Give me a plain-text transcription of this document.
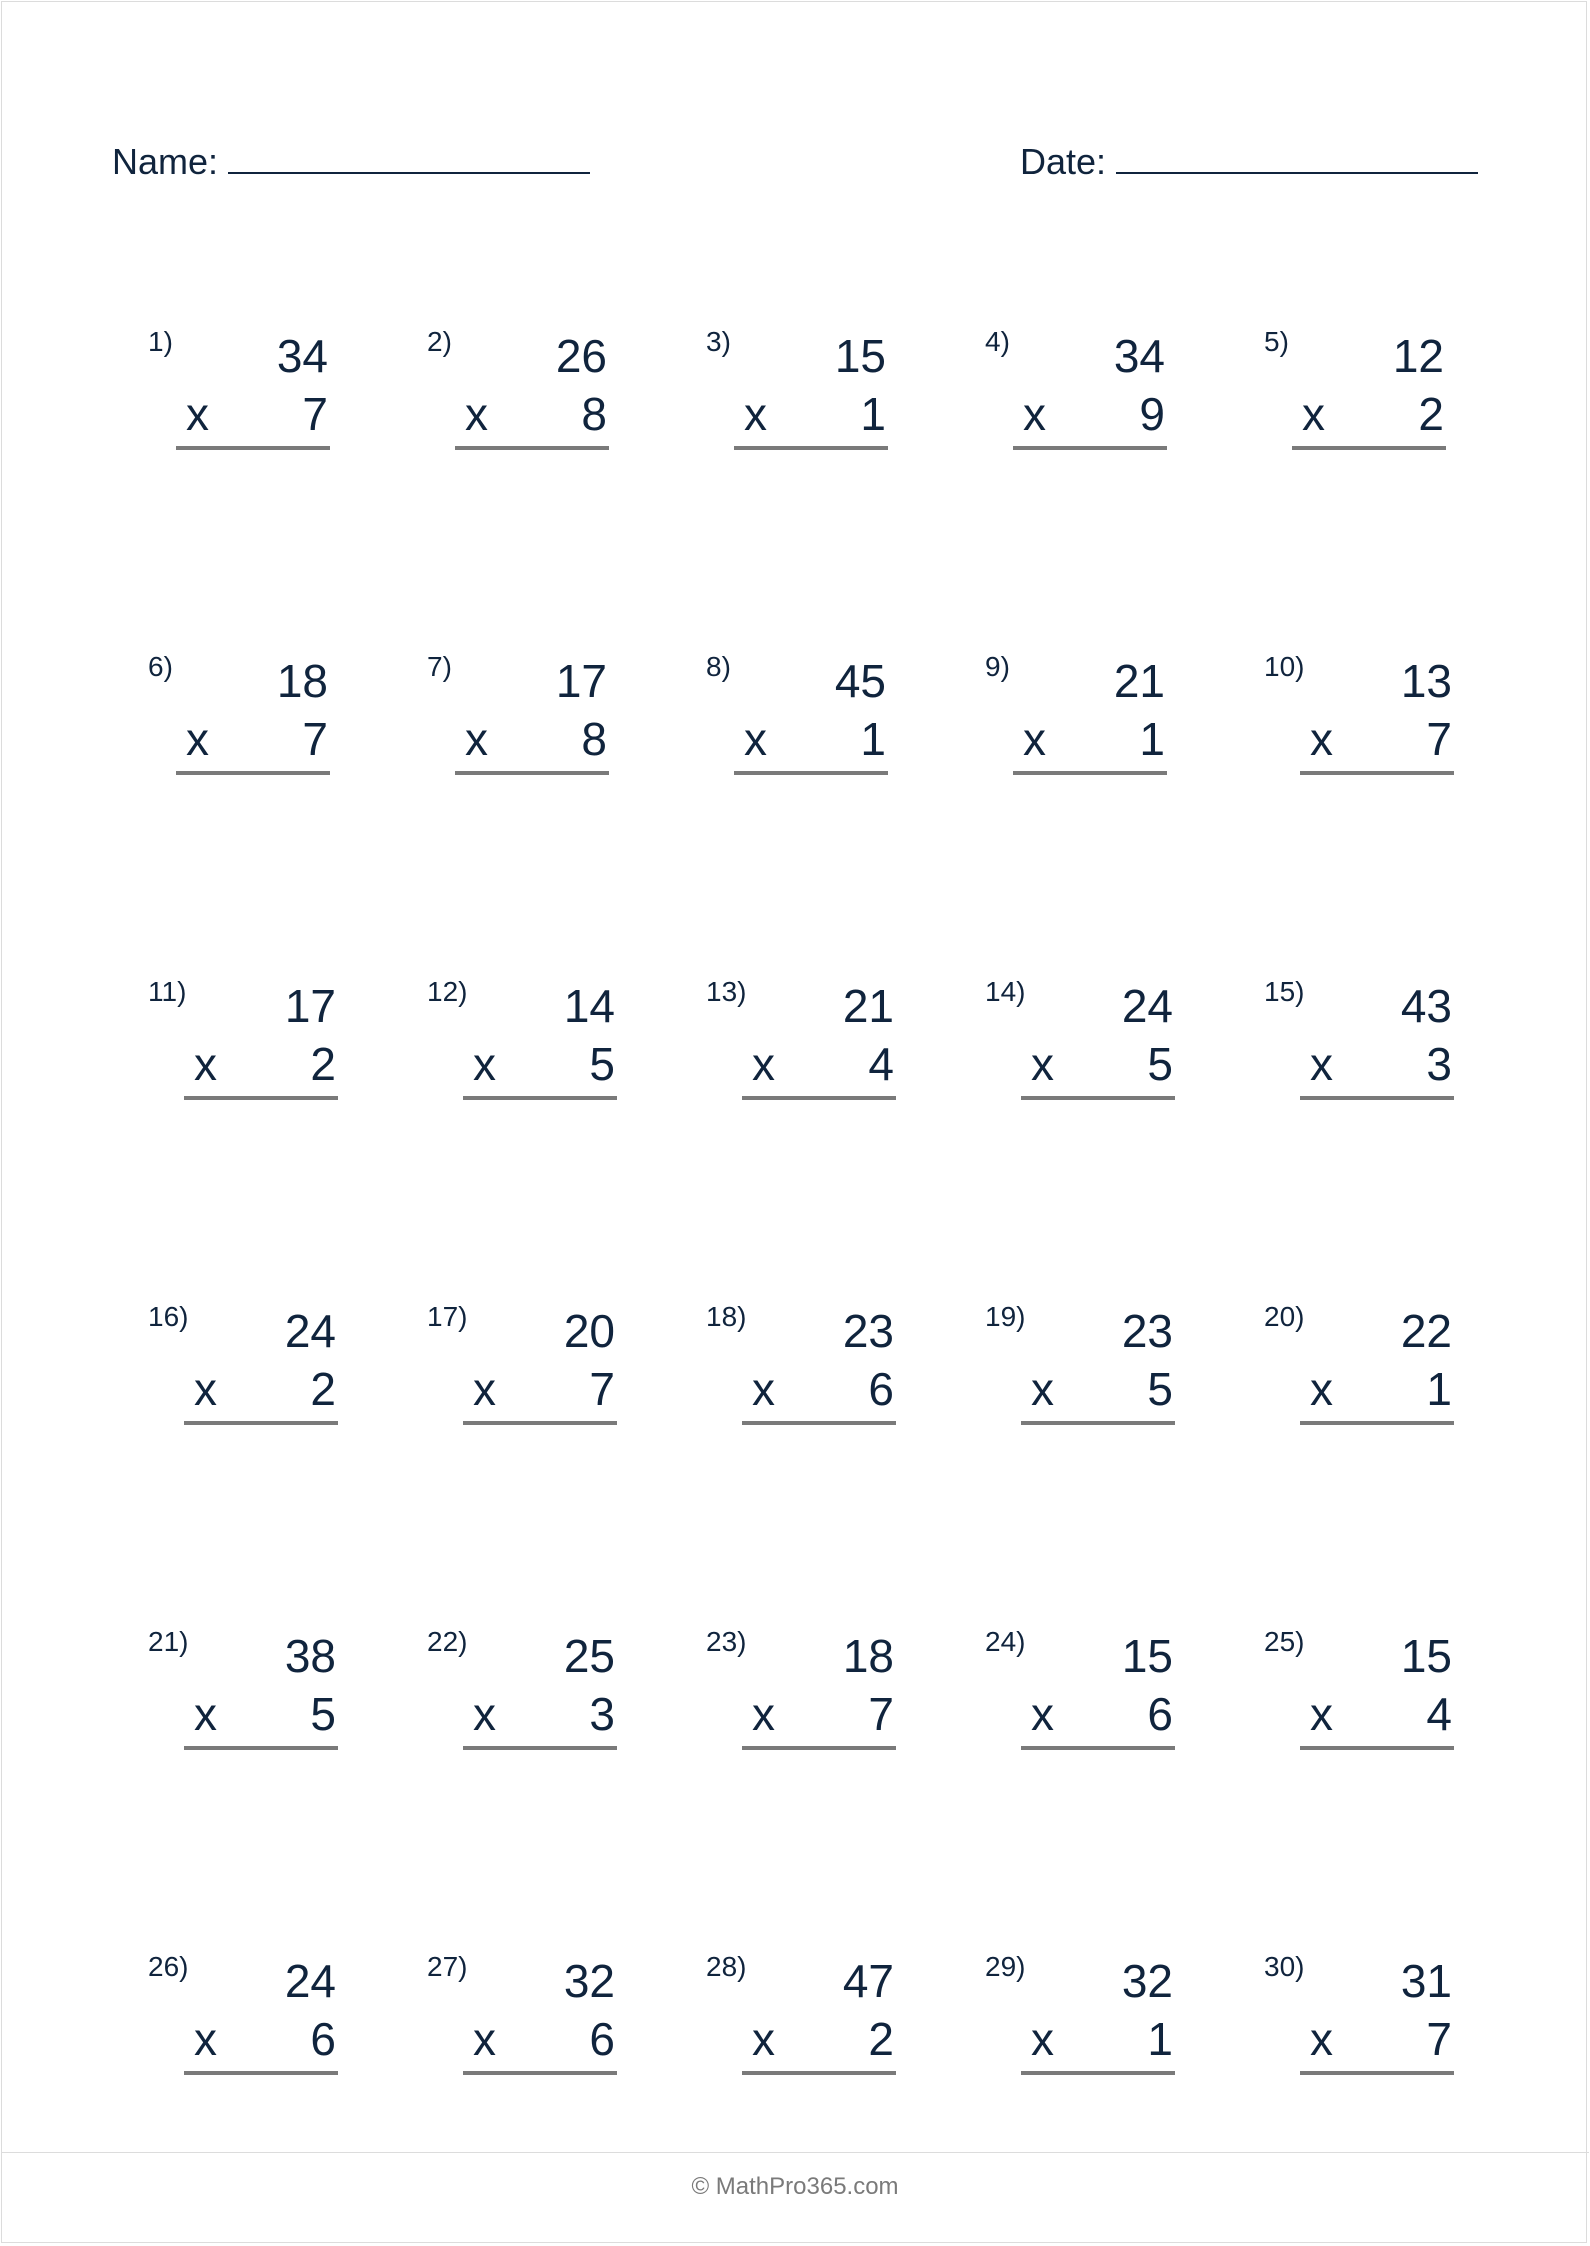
Name:	Date:
1) 34
x 7
2) 26
x 8
3) 15
x 1
4) 34
x 9
5) 12
x 2
6) 18
x 7
7) 17
x 8
8) 45
x 1
9) 21
x 1
10) 13
x 7
11) 17
x 2
12) 14
x 5
13) 21
x 4
14) 24
x 5
15) 43
x 3
16) 24
x 2
17) 20
x 7
18) 23
x 6
19) 23
x 5
20) 22
x 1
21) 38
x 5
22) 25
x 3
23) 18
x 7
24) 15
x 6
25) 15
x 4
26) 24
x 6
27) 32
x 6
28) 47
x 2
29) 32
x 1
30) 31
x 7
© MathPro365.com
